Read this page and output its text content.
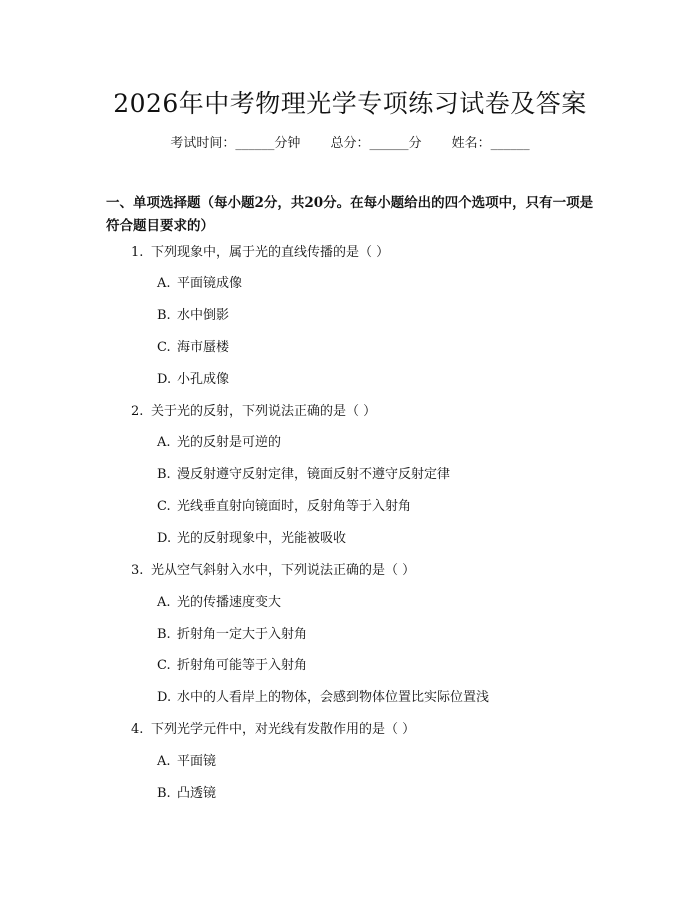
2026年中考物理光学专项练习试卷及答案
考试时间：______分钟 总分：______分 姓名：______
一、单项选择题（每小题2分，共20分。在每小题给出的四个选项中，只有一项是符合题目要求的）
1. 下列现象中，属于光的直线传播的是（ ）
A. 平面镜成像
B. 水中倒影
C. 海市蜃楼
D. 小孔成像
2. 关于光的反射，下列说法正确的是（ ）
A. 光的反射是可逆的
B. 漫反射遵守反射定律，镜面反射不遵守反射定律
C. 光线垂直射向镜面时，反射角等于入射角
D. 光的反射现象中，光能被吸收
3. 光从空气斜射入水中，下列说法正确的是（ ）
A. 光的传播速度变大
B. 折射角一定大于入射角
C. 折射角可能等于入射角
D. 水中的人看岸上的物体，会感到物体位置比实际位置浅
4. 下列光学元件中，对光线有发散作用的是（ ）
A. 平面镜
B. 凸透镜
